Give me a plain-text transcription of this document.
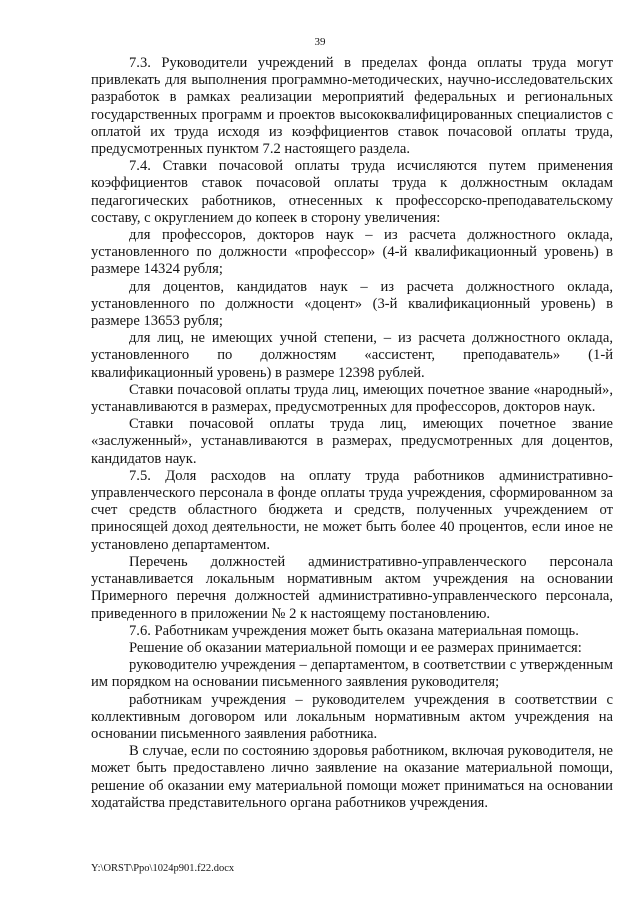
39

7.3. Руководители учреждений в пределах фонда оплаты труда могут привлекать для выполнения программно-методических, научно-исследовательских разработок в рамках реализации мероприятий федеральных и региональных государственных программ и проектов высококвалифицированных специалистов с оплатой их труда исходя из коэффициентов ставок почасовой оплаты труда, предусмотренных пунктом 7.2 настоящего раздела.

7.4. Ставки почасовой оплаты труда исчисляются путем применения коэффициентов ставок почасовой оплаты труда к должностным окладам педагогических работников, отнесенных к профессорско-преподавательскому составу, с округлением до копеек в сторону увеличения:

для профессоров, докторов наук – из расчета должностного оклада, установленного по должности «профессор» (4-й квалификационный уровень) в размере 14324 рубля;

для доцентов, кандидатов наук – из расчета должностного оклада, установленного по должности «доцент» (3-й квалификационный уровень) в размере 13653 рубля;

для лиц, не имеющих учной степени, – из расчета должностного оклада, установленного по должностям «ассистент, преподаватель» (1-й квалификационный уровень) в размере 12398 рублей.

Ставки почасовой оплаты труда лиц, имеющих почетное звание «народный», устанавливаются в размерах, предусмотренных для профессоров, докторов наук.

Ставки почасовой оплаты труда лиц, имеющих почетное звание «заслуженный», устанавливаются в размерах, предусмотренных для доцентов, кандидатов наук.

7.5. Доля расходов на оплату труда работников административно-управленческого персонала в фонде оплаты труда учреждения, сформированном за счет средств областного бюджета и средств, полученных учреждением от приносящей доход деятельности, не может быть более 40 процентов, если иное не установлено департаментом.

Перечень должностей административно-управленческого персонала устанавливается локальным нормативным актом учреждения на основании Примерного перечня должностей административно-управленческого персонала, приведенного в приложении № 2 к настоящему постановлению.

7.6. Работникам учреждения может быть оказана материальная помощь.

Решение об оказании материальной помощи и ее размерах принимается:

руководителю учреждения – департаментом, в соответствии с утвержденным им порядком на основании письменного заявления руководителя;

работникам учреждения – руководителем учреждения в соответствии с коллективным договором или локальным нормативным актом учреждения на основании письменного заявления работника.

В случае, если по состоянию здоровья работником, включая руководителя, не может быть предоставлено лично заявление на оказание материальной помощи, решение об оказании ему материальной помощи может приниматься на основании ходатайства представительного органа работников учреждения.

Y:\ORST\Ppo\1024p901.f22.docx
